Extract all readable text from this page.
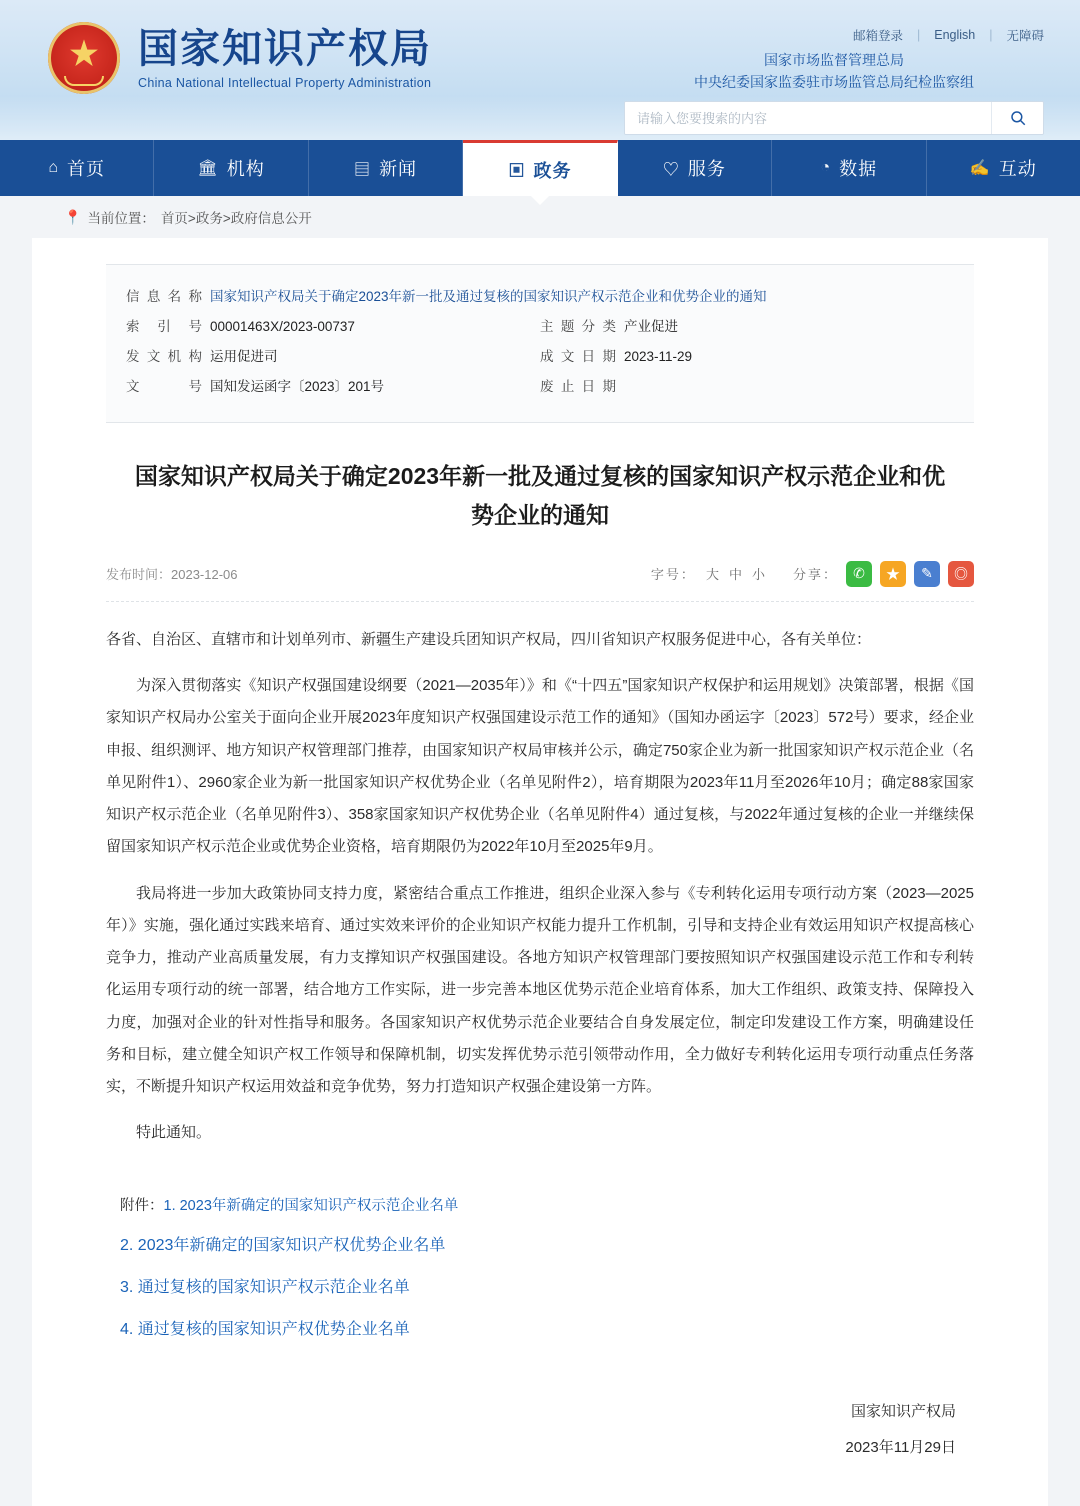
★ 国家知识产权局
China National Intellectual Property Administration
邮箱登录 | English | 无障碍
国家市场监督管理总局
中央纪委国家监委驻市场监管总局纪检监察组
请输入您要搜索的内容
⌂ 首页	🏛 机构	▤ 新闻	▣ 政务	♡ 服务	◔ 数据	✍ 互动
📍 当前位置： 首页>政务>政府信息公开
信息名称 国家知识产权局关于确定2023年新一批及通过复核的国家知识产权示范企业和优势企业的通知
索引号 00001463X/2023-00737	主题分类 产业促进
发文机构 运用促进司	成文日期 2023-11-29
文号 国知发运函字〔2023〕201号	废止日期
国家知识产权局关于确定2023年新一批及通过复核的国家知识产权示范企业和优势企业的通知
发布时间：2023-12-06	字号： 大 中 小 分享：	✆	★	✎	◎

各省、自治区、直辖市和计划单列市、新疆生产建设兵团知识产权局，四川省知识产权服务促进中心，各有关单位：

为深入贯彻落实《知识产权强国建设纲要（2021—2035年）》和《“十四五”国家知识产权保护和运用规划》决策部署，根据《国家知识产权局办公室关于面向企业开展2023年度知识产权强国建设示范工作的通知》（国知办函运字〔2023〕572号）要求，经企业申报、组织测评、地方知识产权管理部门推荐，由国家知识产权局审核并公示，确定750家企业为新一批国家知识产权示范企业（名单见附件1）、2960家企业为新一批国家知识产权优势企业（名单见附件2），培育期限为2023年11月至2026年10月；确定88家国家知识产权示范企业（名单见附件3）、358家国家知识产权优势企业（名单见附件4）通过复核，与2022年通过复核的企业一并继续保留国家知识产权示范企业或优势企业资格，培育期限仍为2022年10月至2025年9月。

我局将进一步加大政策协同支持力度，紧密结合重点工作推进，组织企业深入参与《专利转化运用专项行动方案（2023—2025年）》实施，强化通过实践来培育、通过实效来评价的企业知识产权能力提升工作机制，引导和支持企业有效运用知识产权提高核心竞争力，推动产业高质量发展，有力支撑知识产权强国建设。各地方知识产权管理部门要按照知识产权强国建设示范工作和专利转化运用专项行动的统一部署，结合地方工作实际，进一步完善本地区优势示范企业培育体系，加大工作组织、政策支持、保障投入力度，加强对企业的针对性指导和服务。各国家知识产权优势示范企业要结合自身发展定位，制定印发建设工作方案，明确建设任务和目标，建立健全知识产权工作领导和保障机制，切实发挥优势示范引领带动作用，全力做好专利转化运用专项行动重点任务落实，不断提升知识产权运用效益和竞争优势，努力打造知识产权强企建设第一方阵。

特此通知。

附件： 1. 2023年新确定的国家知识产权示范企业名单
2. 2023年新确定的国家知识产权优势企业名单
3. 通过复核的国家知识产权示范企业名单
4. 通过复核的国家知识产权优势企业名单
国家知识产权局
2023年11月29日
